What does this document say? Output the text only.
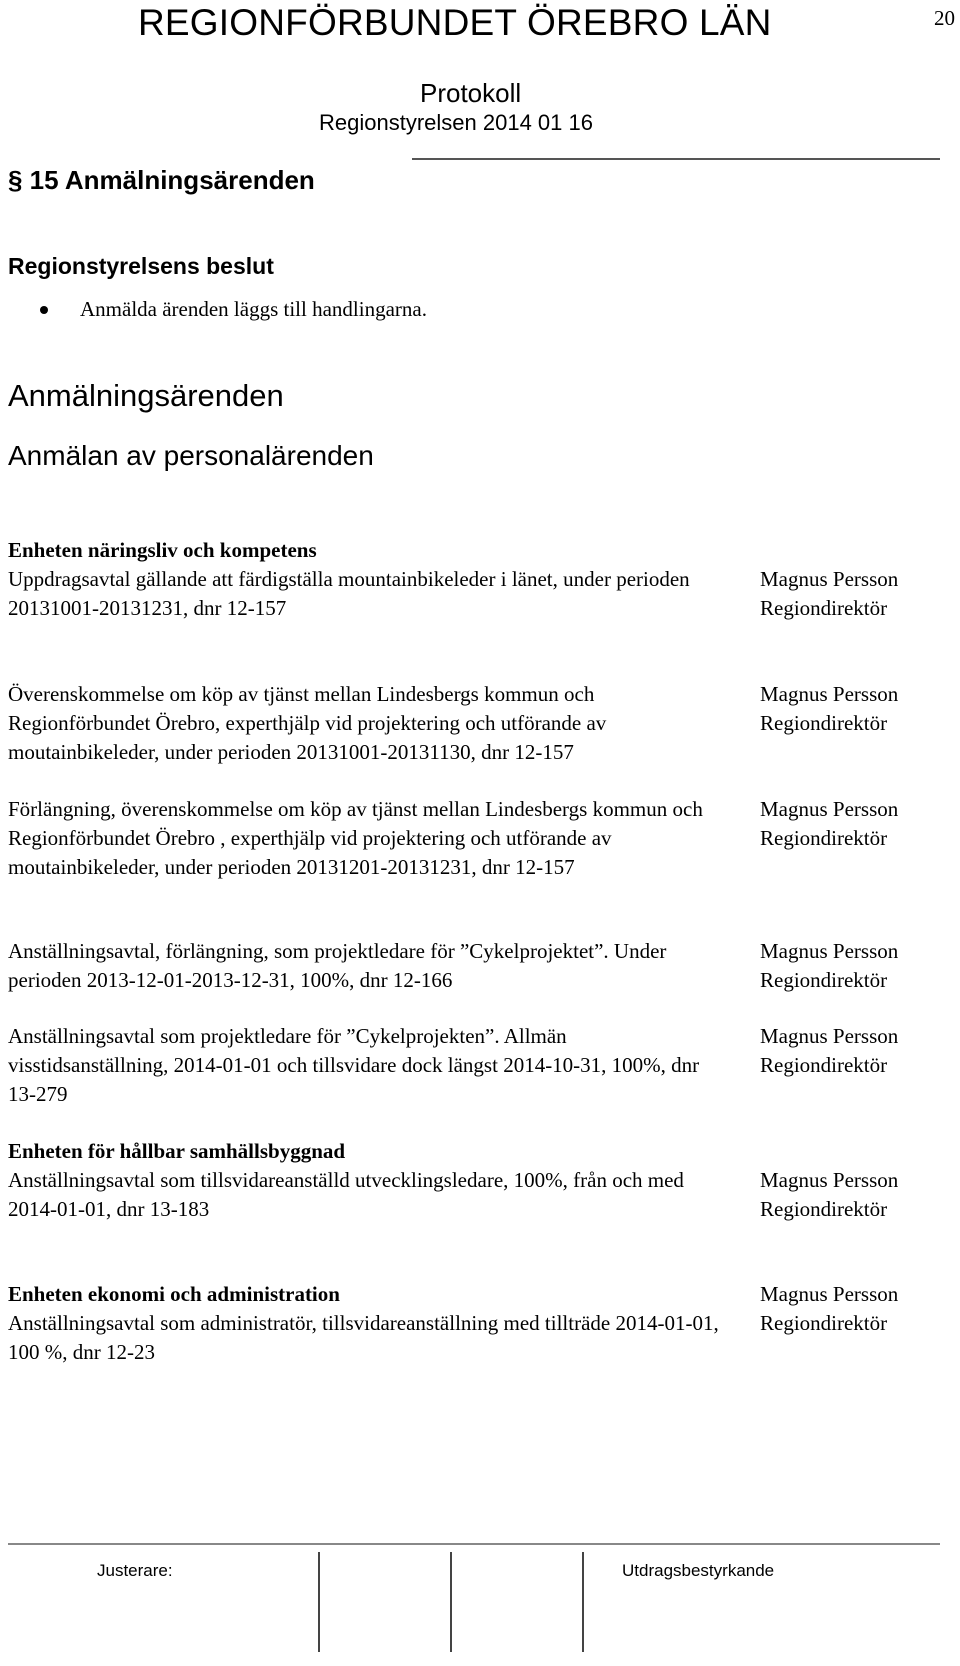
REGIONFÖRBUNDET ÖREBRO LÄN	20
Protokoll
Regionstyrelsen 2014 01 16
§ 15 Anmälningsärenden
Regionstyrelsens beslut
Anmälda ärenden läggs till handlingarna.
Anmälningsärenden
Anmälan av personalärenden
Enheten näringsliv och kompetens
Uppdragsavtal gällande att färdigställa mountainbikeleder i länet, under perioden 20131001-20131231, dnr 12-157
Magnus Persson
Regiondirektör
Överenskommelse om köp av tjänst mellan Lindesbergs kommun och Regionförbundet Örebro, experthjälp vid projektering och utförande av moutainbikeleder, under perioden 20131001-20131130, dnr 12-157
Magnus Persson
Regiondirektör
Förlängning, överenskommelse om köp av tjänst mellan Lindesbergs kommun och Regionförbundet Örebro , experthjälp vid projektering och utförande av moutainbikeleder, under perioden 20131201-20131231, dnr 12-157
Magnus Persson
Regiondirektör
Anställningsavtal, förlängning, som projektledare för ”Cykelprojektet”. Under perioden 2013-12-01-2013-12-31, 100%, dnr 12-166
Magnus Persson
Regiondirektör
Anställningsavtal som projektledare för ”Cykelprojekten”. Allmän visstidsanställning, 2014-01-01 och tillsvidare dock längst 2014-10-31, 100%, dnr 13-279
Magnus Persson
Regiondirektör
Enheten för hållbar samhällsbyggnad
Anställningsavtal som tillsvidareanställd utvecklingsledare, 100%, från och med 2014-01-01, dnr 13-183
Magnus Persson
Regiondirektör
Enheten ekonomi och administration
Anställningsavtal som administratör, tillsvidareanställning med tillträde 2014-01-01, 100 %, dnr 12-23
Magnus Persson
Regiondirektör
Justerare:	Utdragsbestyrkande
